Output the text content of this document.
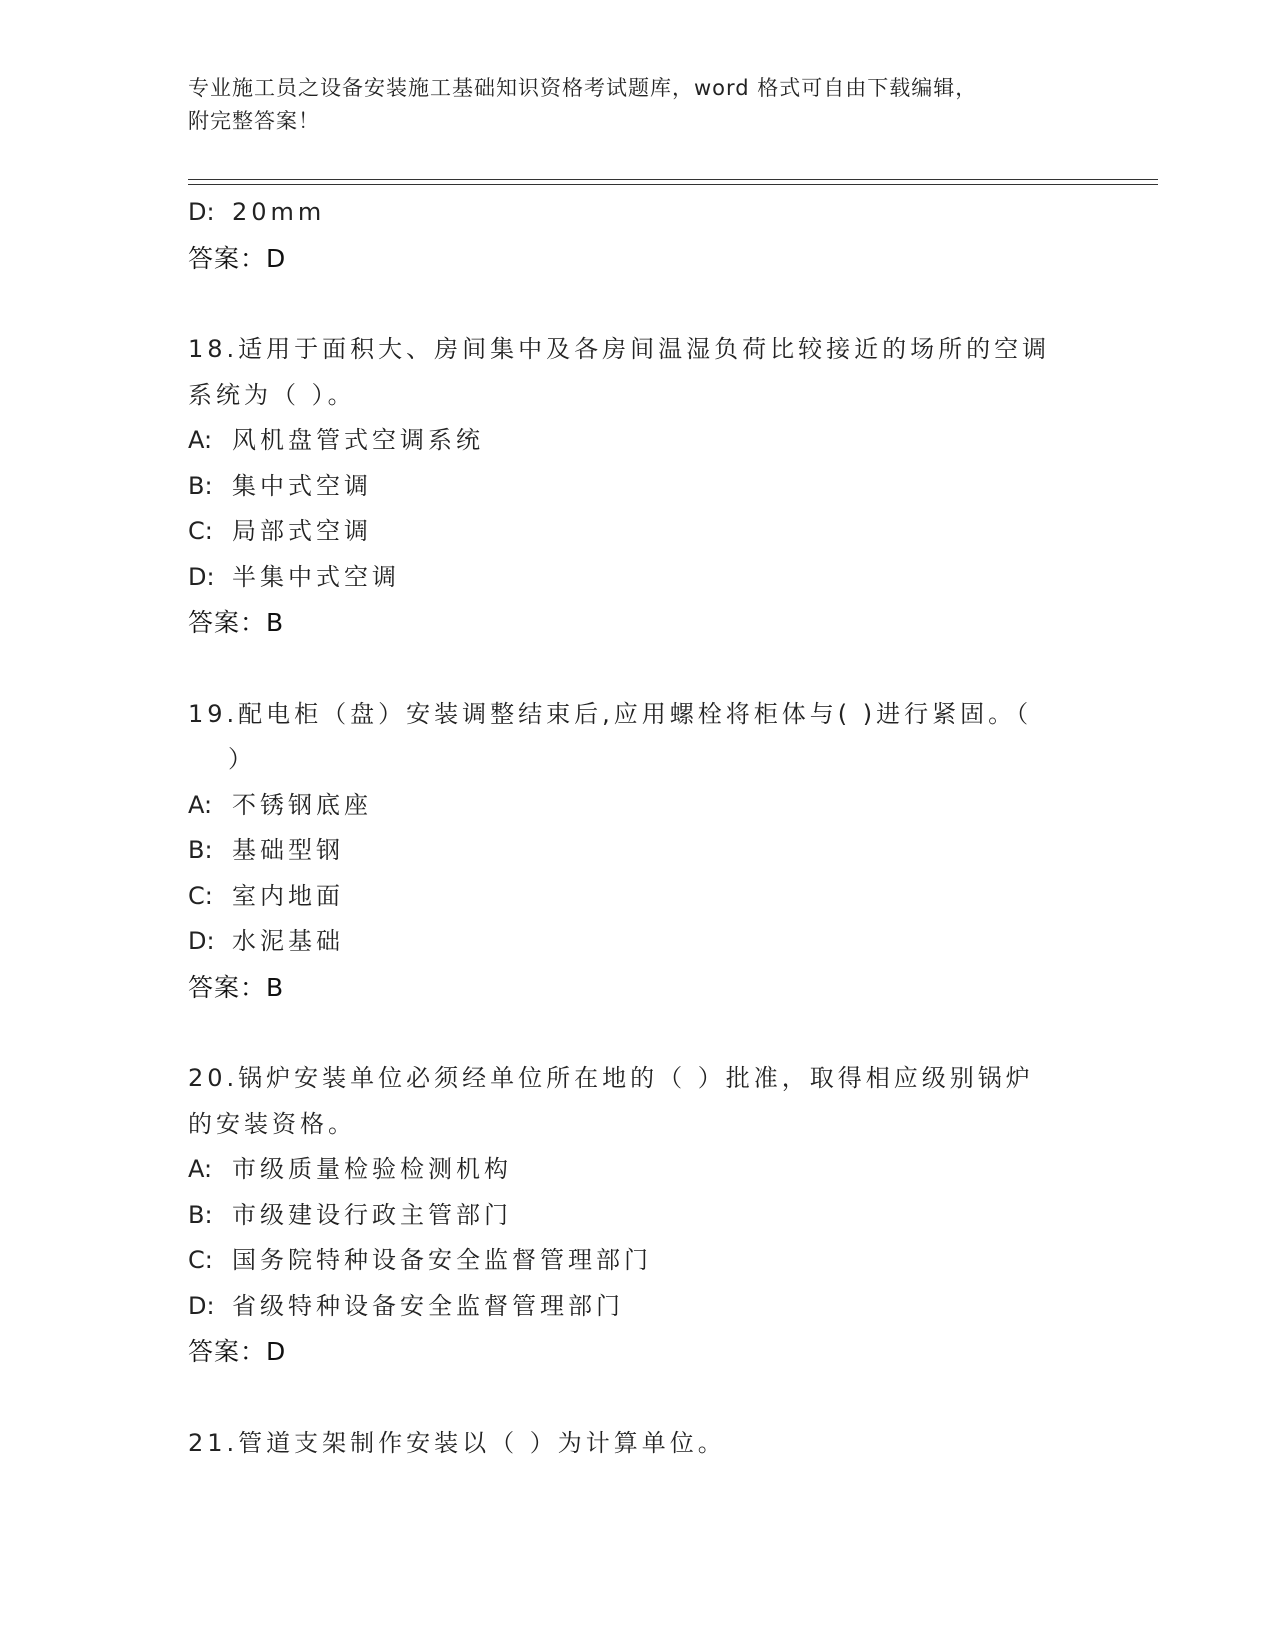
专业施工员之设备安装施工基础知识资格考试题库，word 格式可自由下载编辑，
附完整答案！
D: 20mm
答案：D
18.适用于面积大、房间集中及各房间温湿负荷比较接近的场所的空调
系统为（ ）。
A: 风机盘管式空调系统
B: 集中式空调
C: 局部式空调
D: 半集中式空调
答案：B
19.配电柜（盘）安装调整结束后,应用螺栓将柜体与( )进行紧固。（
）
A: 不锈钢底座
B: 基础型钢
C: 室内地面
D: 水泥基础
答案：B
20.锅炉安装单位必须经单位所在地的（ ）批准，取得相应级别锅炉
的安装资格。
A: 市级质量检验检测机构
B: 市级建设行政主管部门
C: 国务院特种设备安全监督管理部门
D: 省级特种设备安全监督管理部门
答案：D
21.管道支架制作安装以（ ）为计算单位。
